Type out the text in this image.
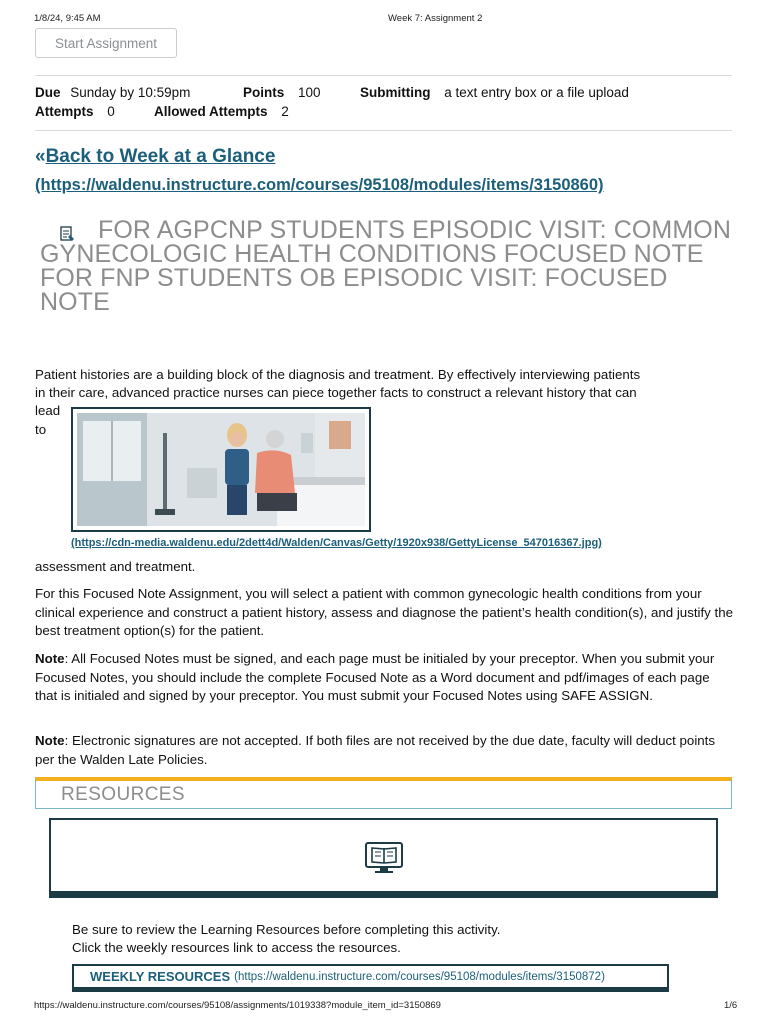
1/8/24, 9:45 AM	Week 7: Assignment 2
Start Assignment
Due Sunday by 10:59pm	Points 100	Submitting a text entry box or a file upload
Attempts 0	Allowed Attempts 2
«Back to Week at a Glance
(https://waldenu.instructure.com/courses/95108/modules/items/3150860)
FOR AGPCNP STUDENTS EPISODIC VISIT: COMMON GYNECOLOGIC HEALTH CONDITIONS FOCUSED NOTE FOR FNP STUDENTS OB EPISODIC VISIT: FOCUSED NOTE
Patient histories are a building block of the diagnosis and treatment. By effectively interviewing patients
in their care, advanced practice nurses can piece together facts to construct a relevant history that can
lead
to
(https://cdn-media.waldenu.edu/2dett4d/Walden/Canvas/Getty/1920x938/GettyLicense_547016367.jpg)
assessment and treatment.

For this Focused Note Assignment, you will select a patient with common gynecologic health conditions from your clinical experience and construct a patient history, assess and diagnose the patient’s health condition(s), and justify the best treatment option(s) for the patient.

Note: All Focused Notes must be signed, and each page must be initialed by your preceptor. When you submit your Focused Notes, you should include the complete Focused Note as a Word document and pdf/images of each page that is initialed and signed by your preceptor. You must submit your Focused Notes using SAFE ASSIGN.

Note: Electronic signatures are not accepted. If both files are not received by the due date, faculty will deduct points per the Walden Late Policies.

RESOURCES
Be sure to review the Learning Resources before completing this activity.
Click the weekly resources link to access the resources.
WEEKLY RESOURCES (https://waldenu.instructure.com/courses/95108/modules/items/3150872)
https://waldenu.instructure.com/courses/95108/assignments/1019338?module_item_id=3150869	1/6
